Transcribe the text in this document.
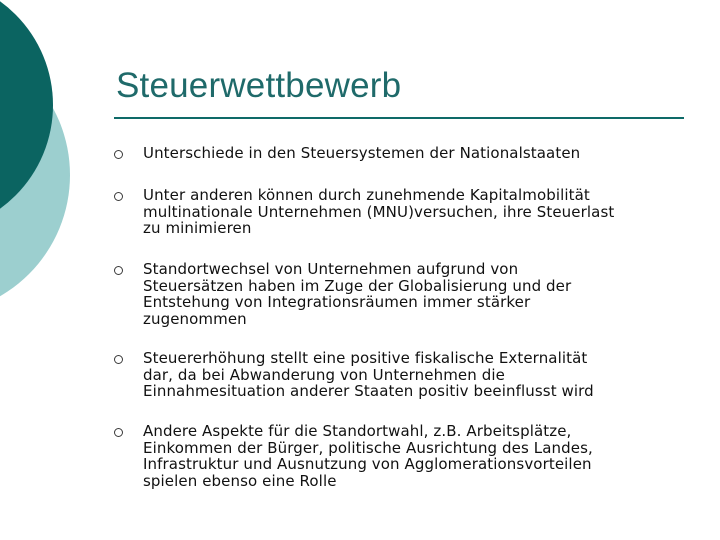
Steuerwettbewerb
Unterschiede in den Steuersystemen der Nationalstaaten
Unter anderen können durch zunehmende Kapitalmobilität
multinationale Unternehmen (MNU)versuchen, ihre Steuerlast
zu minimieren
Standortwechsel von Unternehmen aufgrund von
Steuersätzen haben im Zuge der Globalisierung und der
Entstehung von Integrationsräumen immer stärker
zugenommen
Steuererhöhung stellt eine positive fiskalische Externalität
dar, da bei Abwanderung von Unternehmen die
Einnahmesituation anderer Staaten positiv beeinflusst wird
Andere Aspekte für die Standortwahl, z.B. Arbeitsplätze,
Einkommen der Bürger, politische Ausrichtung des Landes,
Infrastruktur und Ausnutzung von Agglomerationsvorteilen
spielen ebenso eine Rolle
